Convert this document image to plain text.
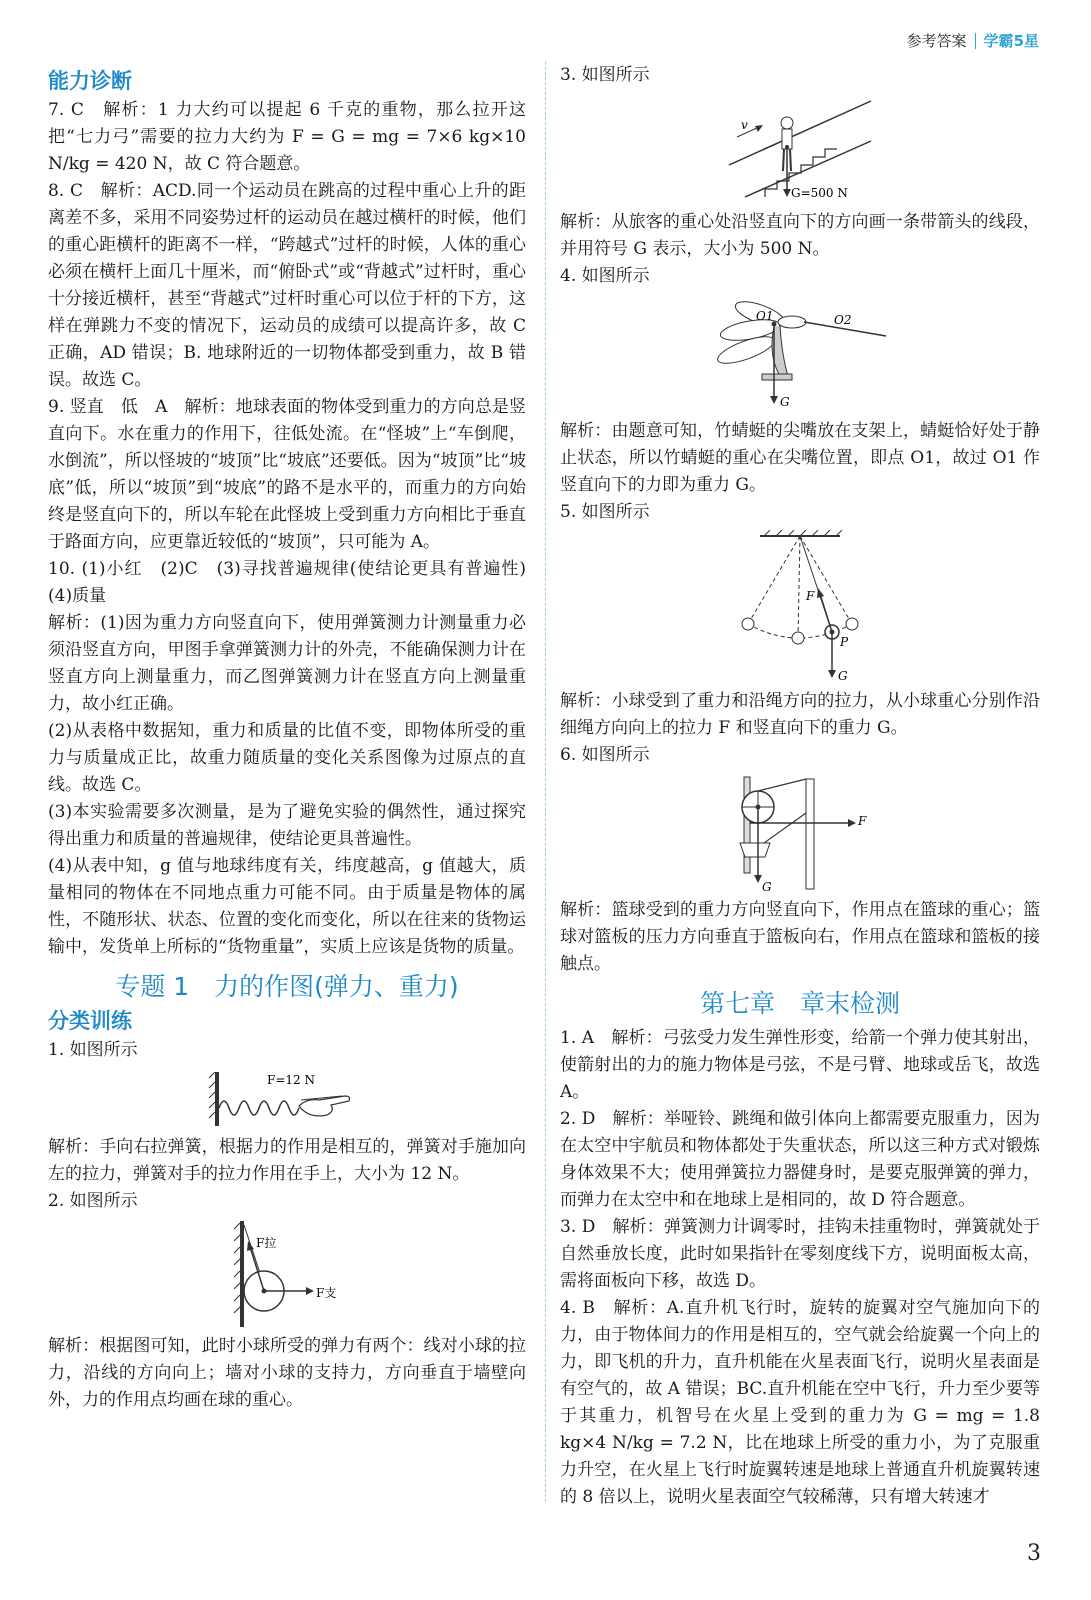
参考答案 学霸5星
能力诊断

7. C　解析：1 力大约可以提起 6 千克的重物，那么拉开这把“七力弓”需要的拉力大约为 F = G = mg = 7×6 kg×10 N/kg = 420 N，故 C 符合题意。

8. C　解析：ACD.同一个运动员在跳高的过程中重心上升的距离差不多，采用不同姿势过杆的运动员在越过横杆的时候，他们的重心距横杆的距离不一样，“跨越式”过杆的时候，人体的重心必须在横杆上面几十厘米，而“俯卧式”或“背越式”过杆时，重心十分接近横杆，甚至“背越式”过杆时重心可以位于杆的下方，这样在弹跳力不变的情况下，运动员的成绩可以提高许多，故 C 正确，AD 错误；B. 地球附近的一切物体都受到重力，故 B 错误。故选 C。

9. 竖直　低　A　解析：地球表面的物体受到重力的方向总是竖直向下。水在重力的作用下，往低处流。在“怪坡”上“车倒爬，水倒流”，所以怪坡的“坡顶”比“坡底”还要低。因为“坡顶”比“坡底”低，所以“坡顶”到“坡底”的路不是水平的，而重力的方向始终是竖直向下的，所以车轮在此怪坡上受到重力方向相比于垂直于路面方向，应更靠近较低的“坡顶”，只可能为 A。

10. (1)小红　(2)C　(3)寻找普遍规律(使结论更具有普遍性)　(4)质量

解析：(1)因为重力方向竖直向下，使用弹簧测力计测量重力必须沿竖直方向，甲图手拿弹簧测力计的外壳，不能确保测力计在竖直方向上测量重力，而乙图弹簧测力计在竖直方向上测量重力，故小红正确。

(2)从表格中数据知，重力和质量的比值不变，即物体所受的重力与质量成正比，故重力随质量的变化关系图像为过原点的直线。故选 C。

(3)本实验需要多次测量，是为了避免实验的偶然性，通过探究得出重力和质量的普遍规律，使结论更具普遍性。

(4)从表中知，g 值与地球纬度有关，纬度越高，g 值越大，质量相同的物体在不同地点重力可能不同。由于质量是物体的属性，不随形状、状态、位置的变化而变化，所以在往来的货物运输中，发货单上所标的“货物重量”，实质上应该是货物的质量。

专题 1　力的作图(弹力、重力)
分类训练

1. 如图所示

F=12 N

解析：手向右拉弹簧，根据力的作用是相互的，弹簧对手施加向左的拉力，弹簧对手的拉力作用在手上，大小为 12 N。

2. 如图所示

F拉
F支

解析：根据图可知，此时小球所受的弹力有两个：线对小球的拉力，沿线的方向向上；墙对小球的支持力，方向垂直于墙壁向外，力的作用点均画在球的重心。

3. 如图所示

v
G=500 N

解析：从旅客的重心处沿竖直向下的方向画一条带箭头的线段，并用符号 G 表示，大小为 500 N。

4. 如图所示

O1	O2
G

解析：由题意可知，竹蜻蜓的尖嘴放在支架上，蜻蜓恰好处于静止状态，所以竹蜻蜓的重心在尖嘴位置，即点 O1，故过 O1 作竖直向下的力即为重力 G。

5. 如图所示

F
P
G

解析：小球受到了重力和沿绳方向的拉力，从小球重心分别作沿细绳方向向上的拉力 F 和竖直向下的重力 G。

6. 如图所示

F
G

解析：篮球受到的重力方向竖直向下，作用点在篮球的重心；篮球对篮板的压力方向垂直于篮板向右，作用点在篮球和篮板的接触点。

第七章　章末检测

1. A　解析：弓弦受力发生弹性形变，给箭一个弹力使其射出，使箭射出的力的施力物体是弓弦，不是弓臂、地球或岳飞，故选 A。

2. D　解析：举哑铃、跳绳和做引体向上都需要克服重力，因为在太空中宇航员和物体都处于失重状态，所以这三种方式对锻炼身体效果不大；使用弹簧拉力器健身时，是要克服弹簧的弹力，而弹力在太空中和在地球上是相同的，故 D 符合题意。

3. D　解析：弹簧测力计调零时，挂钩未挂重物时，弹簧就处于自然垂放长度，此时如果指针在零刻度线下方，说明面板太高，需将面板向下移，故选 D。

4. B　解析：A.直升机飞行时，旋转的旋翼对空气施加向下的力，由于物体间力的作用是相互的，空气就会给旋翼一个向上的力，即飞机的升力，直升机能在火星表面飞行，说明火星表面是有空气的，故 A 错误；BC.直升机能在空中飞行，升力至少要等于其重力，机智号在火星上受到的重力为 G = mg = 1.8 kg×4 N/kg = 7.2 N，比在地球上所受的重力小，为了克服重力升空，在火星上飞行时旋翼转速是地球上普通直升机旋翼转速的 8 倍以上，说明火星表面空气较稀薄，只有增大转速才

3
